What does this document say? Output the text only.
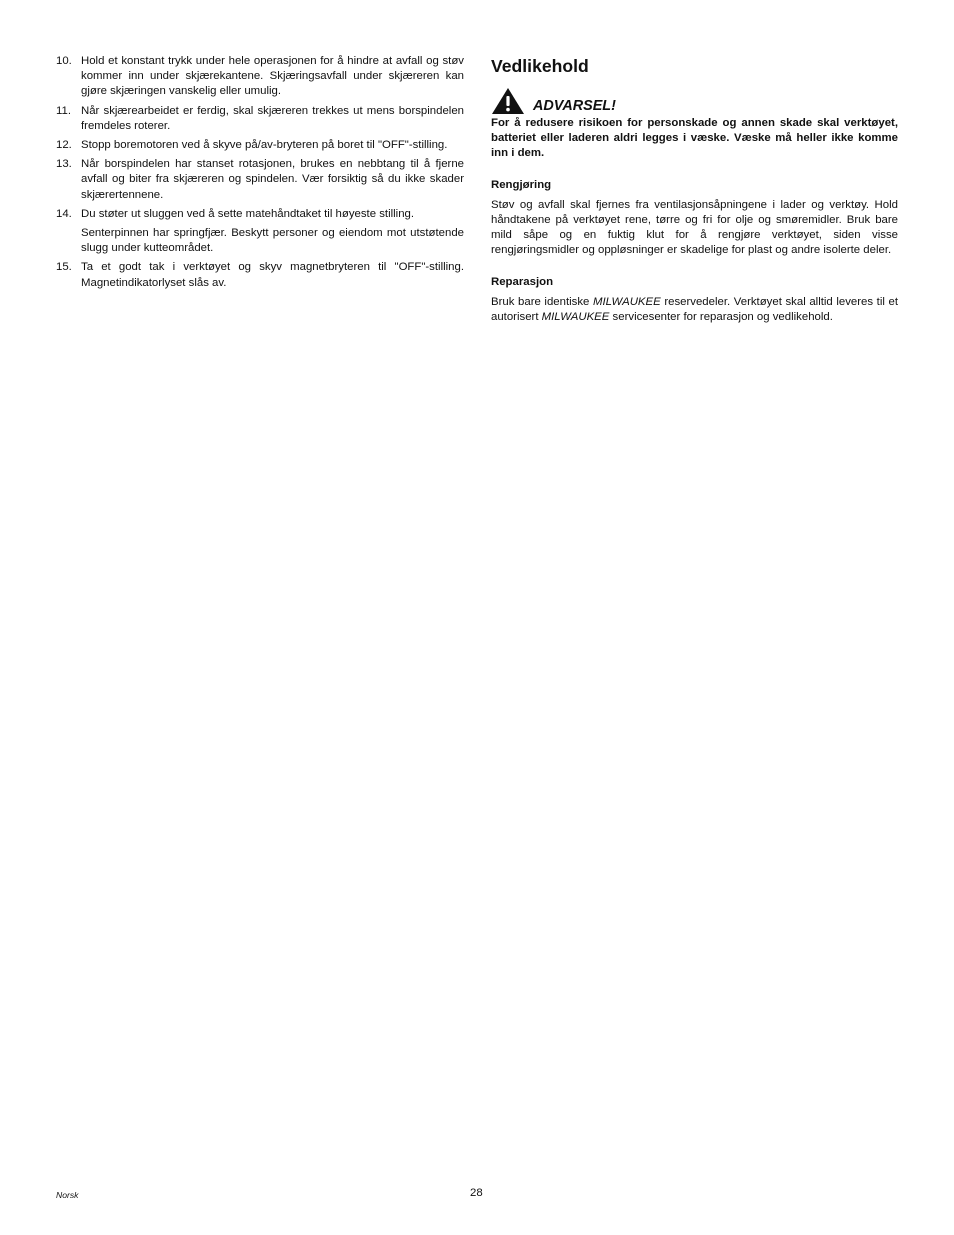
10. Hold et konstant trykk under hele operasjonen for å hindre at avfall og støv kommer inn under skjærekantene. Skjæringsavfall under skjæreren kan gjøre skjæringen vanskelig eller umulig.
11. Når skjærearbeidet er ferdig, skal skjæreren trekkes ut mens borspindelen fremdeles roterer.
12. Stopp boremotoren ved å skyve på/av-bryteren på boret til "OFF"-stilling.
13. Når borspindelen har stanset rotasjonen, brukes en nebbtang til å fjerne avfall og biter fra skjæreren og spindelen. Vær forsiktig så du ikke skader skjærertennene.
14. Du støter ut sluggen ved å sette matehåndtaket til høyeste stilling.
Senterpinnen har springfjær. Beskytt personer og eiendom mot utstøtende slugg under kutteområdet.
15. Ta et godt tak i verktøyet og skyv magnetbryteren til "OFF"-stilling. Magnetindikatorlyset slås av.
Vedlikehold
ADVARSEL!
For å redusere risikoen for personskade og annen skade skal verktøyet, batteriet eller laderen aldri legges i væske. Væske må heller ikke komme inn i dem.
Rengjøring
Støv og avfall skal fjernes fra ventilasjonsåpningene i lader og verktøy. Hold håndtakene på verktøyet rene, tørre og fri for olje og smøremidler. Bruk bare mild såpe og en fuktig klut for å rengjøre verktøyet, siden visse rengjøringsmidler og oppløsninger er skadelige for plast og andre isolerte deler.
Reparasjon
Bruk bare identiske MILWAUKEE reservedeler. Verktøyet skal alltid leveres til et autorisert MILWAUKEE servicesenter for reparasjon og vedlikehold.
Norsk	28
